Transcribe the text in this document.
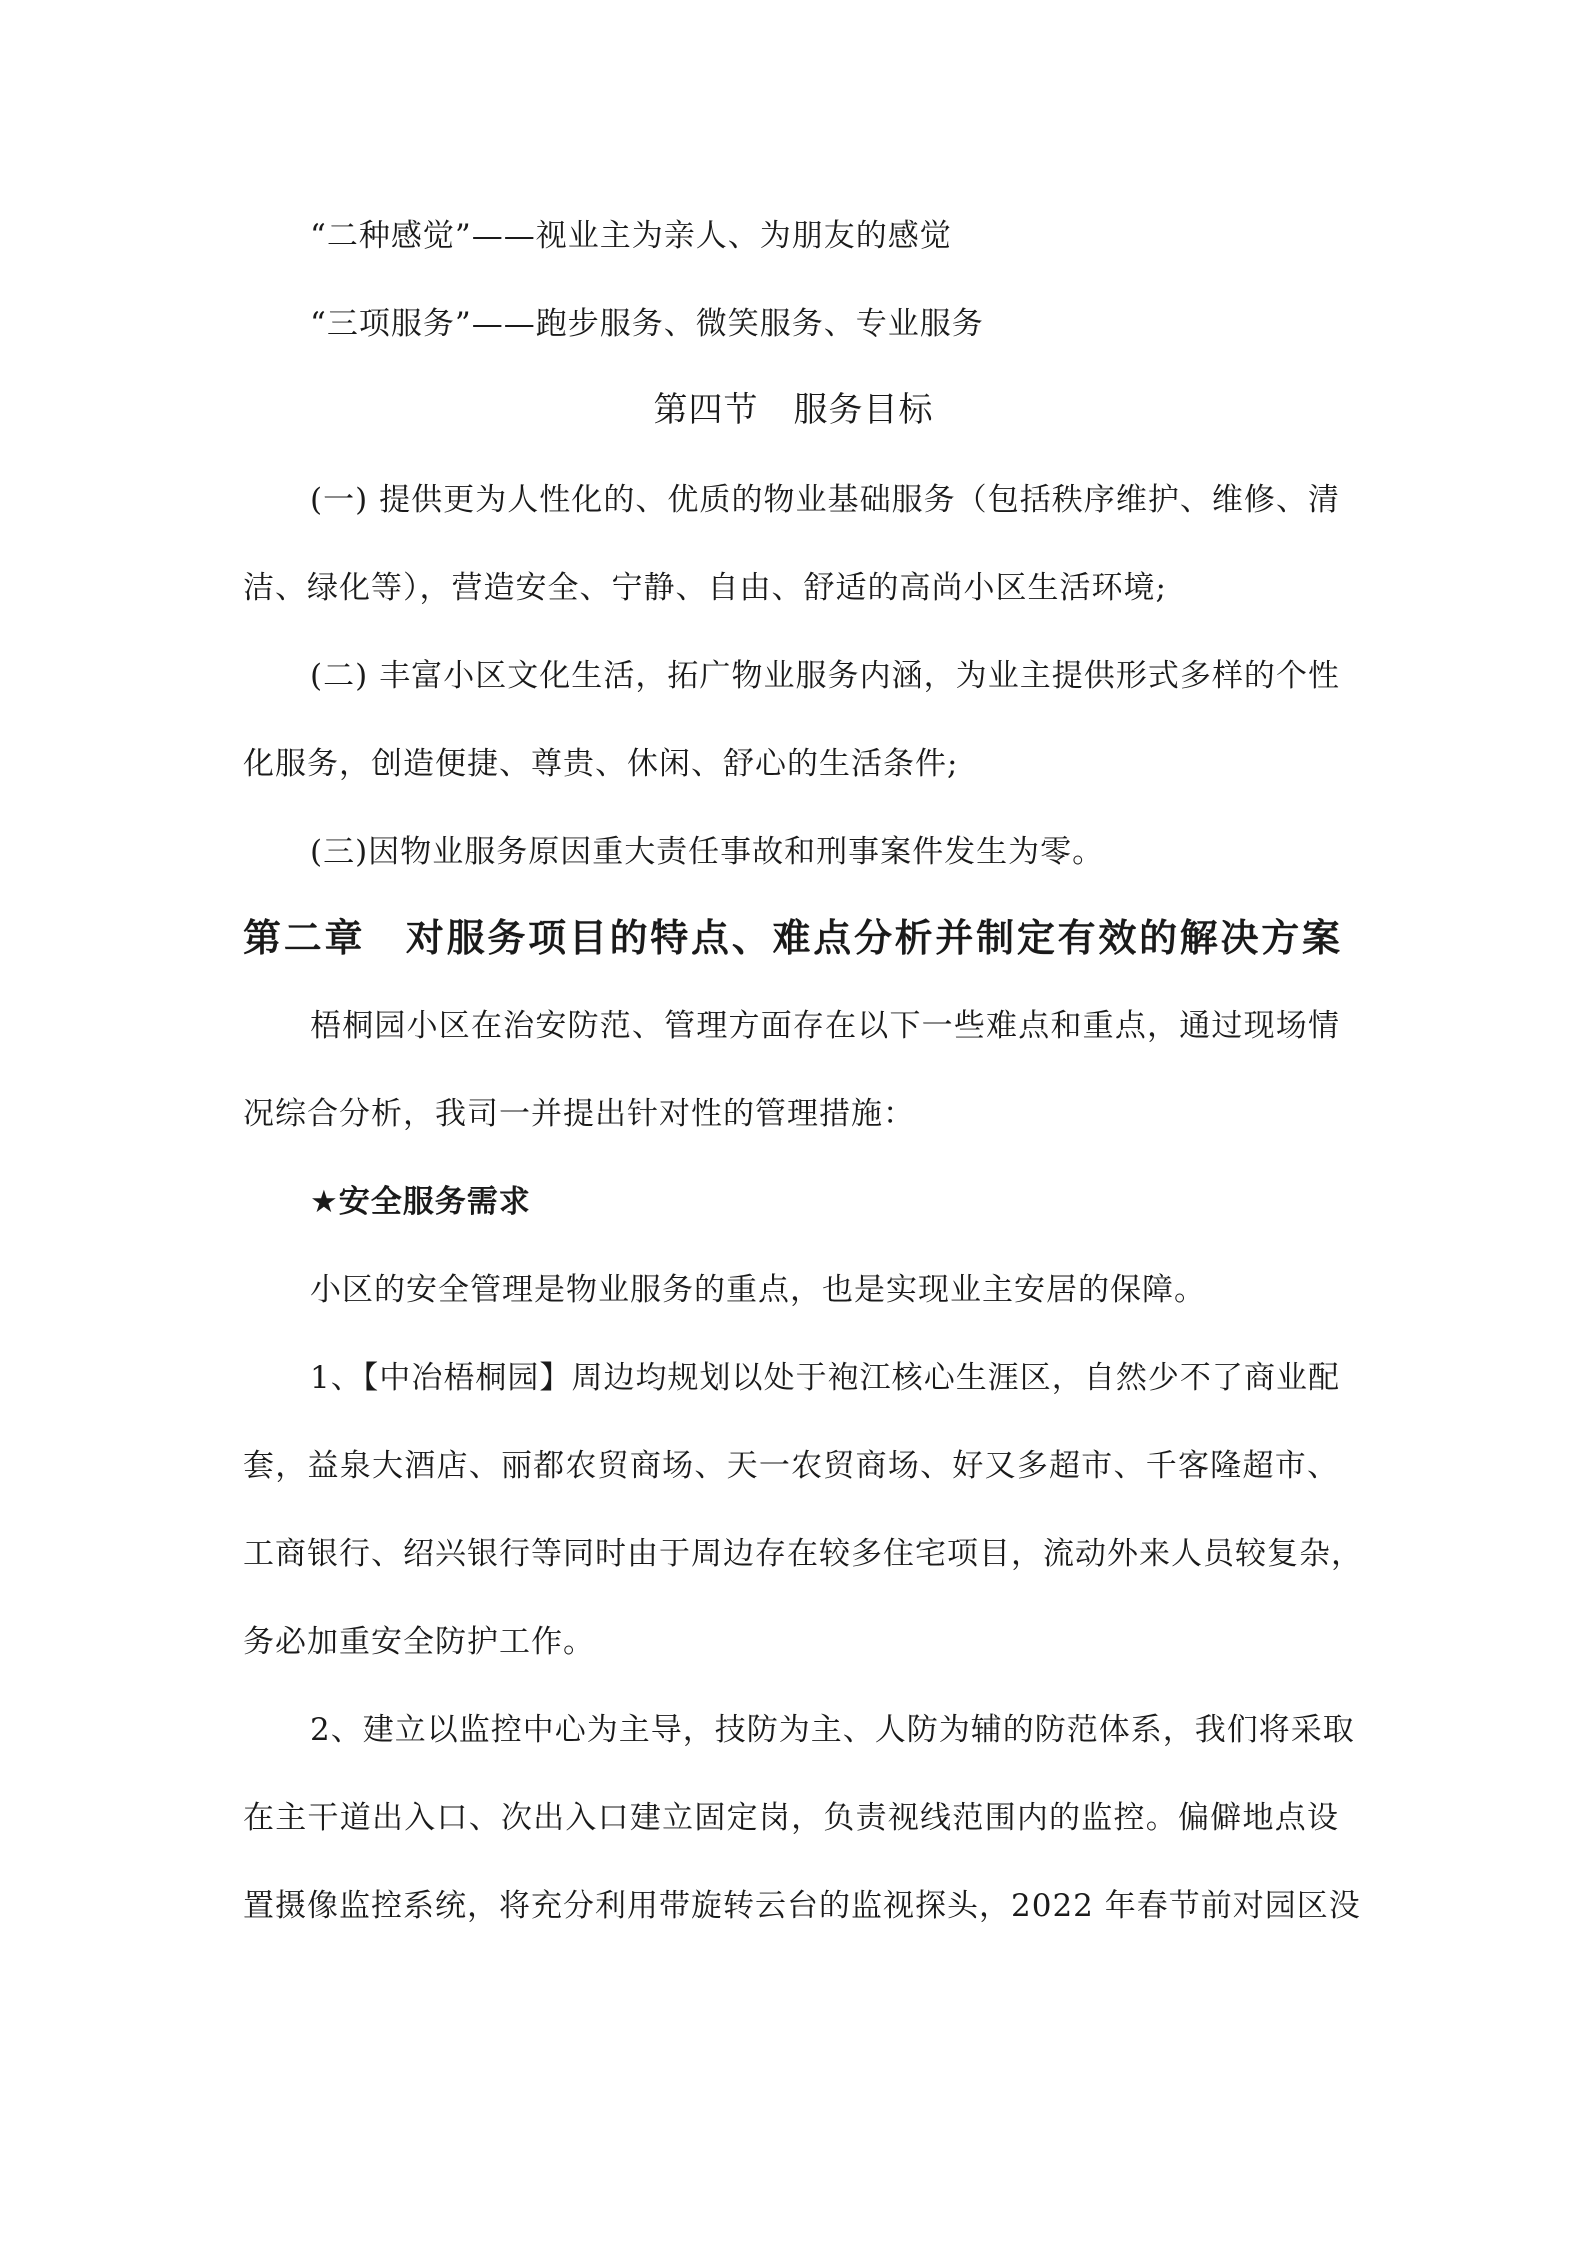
“二种感觉”——视业主为亲人、为朋友的感觉
“三项服务”——跑步服务、微笑服务、专业服务
第四节　服务目标
(一) 提供更为人性化的、优质的物业基础服务（包括秩序维护、维修、清
洁、绿化等），营造安全、宁静、自由、舒适的高尚小区生活环境;
(二) 丰富小区文化生活，拓广物业服务内涵，为业主提供形式多样的个性
化服务，创造便捷、尊贵、休闲、舒心的生活条件;
(三)因物业服务原因重大责任事故和刑事案件发生为零。
第二章　对服务项目的特点、难点分析并制定有效的解决方案
梧桐园小区在治安防范、管理方面存在以下一些难点和重点，通过现场情
况综合分析，我司一并提出针对性的管理措施：
★安全服务需求
小区的安全管理是物业服务的重点，也是实现业主安居的保障。
1、【中冶梧桐园】周边均规划以处于袍江核心生涯区，自然少不了商业配
套，益泉大酒店、丽都农贸商场、天一农贸商场、好又多超市、千客隆超市、
工商银行、绍兴银行等同时由于周边存在较多住宅项目，流动外来人员较复杂，
务必加重安全防护工作。
2、建立以监控中心为主导，技防为主、人防为辅的防范体系，我们将采取
在主干道出入口、次出入口建立固定岗，负责视线范围内的监控。偏僻地点设
置摄像监控系统，将充分利用带旋转云台的监视探头，2022 年春节前对园区没
